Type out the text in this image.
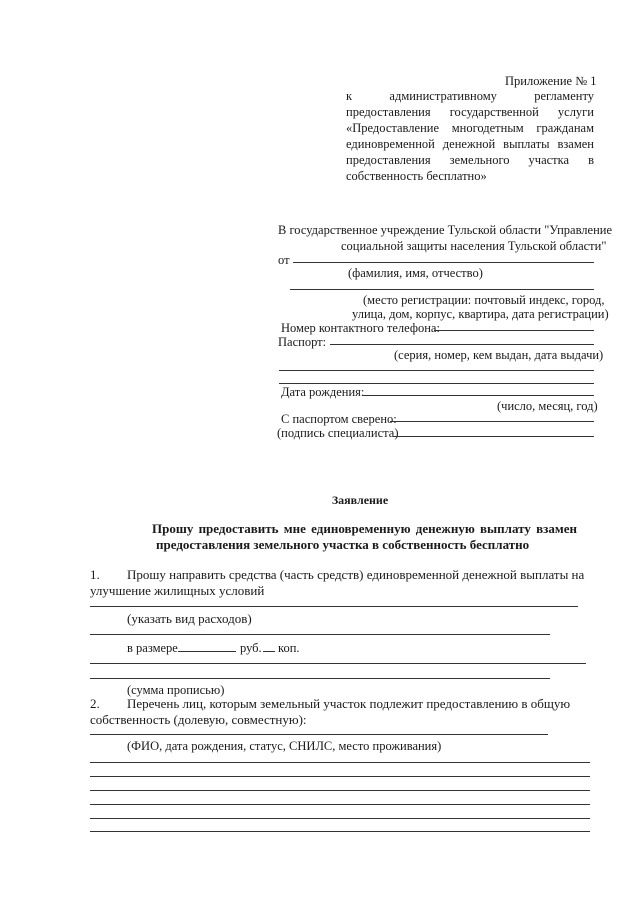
Приложение № 1
к административному регламенту
предоставления государственной услуги
«Предоставление многодетным гражданам
единовременной денежной выплаты взамен
предоставления земельного участка в
собственность бесплатно»
В государственное учреждение Тульской области "Управление
социальной защиты населения Тульской области"
от
(фамилия, имя, отчество)
(место регистрации: почтовый индекс, город,
улица, дом, корпус, квартира, дата регистрации)
Номер контактного телефона:
Паспорт:
(серия, номер, кем выдан, дата выдачи)
Дата рождения:
(число, месяц, год)
С паспортом сверено:
(подпись специалиста)
Заявление
Прошу предоставить мне единовременную денежную выплату взамен
предоставления земельного участка в собственность бесплатно
1. Прошу направить средства (часть средств) единовременной денежной выплаты на
улучшение жилищных условий
(указать вид расходов)
в размере	руб. коп.
(сумма прописью)
2. Перечень лиц, которым земельный участок подлежит предоставлению в общую
собственность (долевую, совместную):
(ФИО, дата рождения, статус, СНИЛС, место проживания)
